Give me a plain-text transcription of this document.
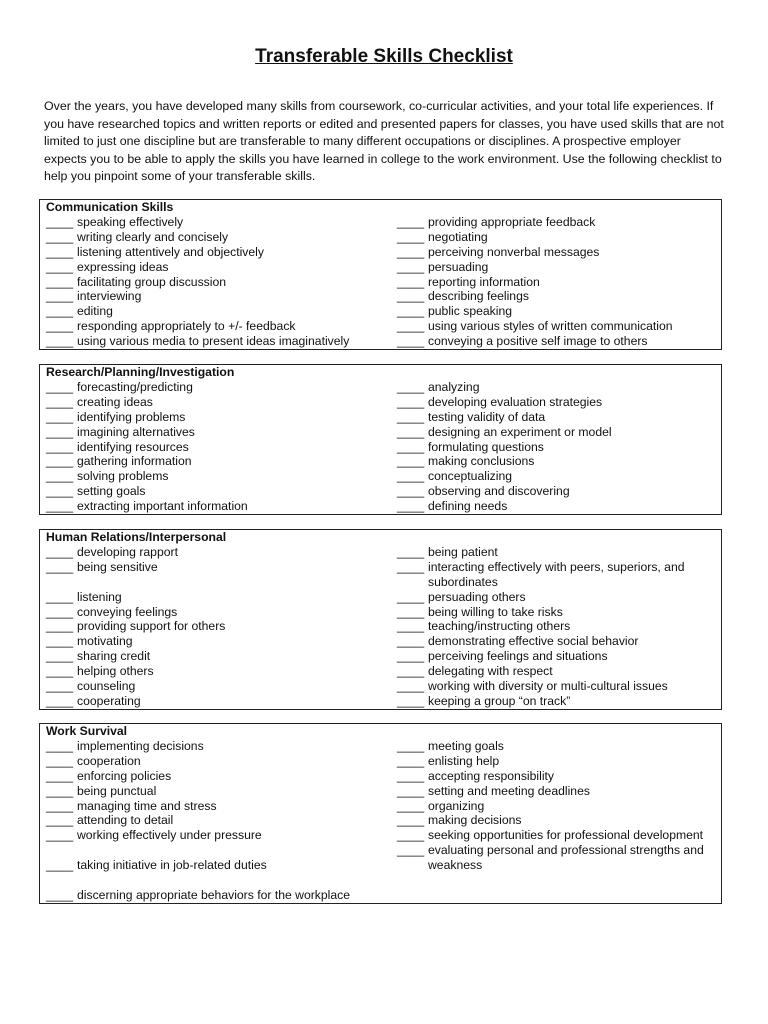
Transferable Skills Checklist

Over the years, you have developed many skills from coursework, co-curricular activities, and your total life experiences. If you have researched topics and written reports or edited and presented papers for classes, you have used skills that are not limited to just one discipline but are transferable to many different occupations or disciplines. A prospective employer expects you to be able to apply the skills you have learned in college to the work environment. Use the following checklist to help you pinpoint some of your transferable skills.

Communication Skills
____ speaking effectively
____ writing clearly and concisely
____ listening attentively and objectively
____ expressing ideas
____ facilitating group discussion
____ interviewing
____ editing
____ responding appropriately to +/- feedback
____ using various media to present ideas imaginatively
____ providing appropriate feedback
____ negotiating
____ perceiving nonverbal messages
____ persuading
____ reporting information
____ describing feelings
____ public speaking
____ using various styles of written communication
____ conveying a positive self image to others
Research/Planning/Investigation
____ forecasting/predicting
____ creating ideas
____ identifying problems
____ imagining alternatives
____ identifying resources
____ gathering information
____ solving problems
____ setting goals
____ extracting important information
____ analyzing
____ developing evaluation strategies
____ testing validity of data
____ designing an experiment or model
____ formulating questions
____ making conclusions
____ conceptualizing
____ observing and discovering
____ defining needs
Human Relations/Interpersonal
____ developing rapport
____ being sensitive
____ listening
____ conveying feelings
____ providing support for others
____ motivating
____ sharing credit
____ helping others
____ counseling
____ cooperating
____ being patient
____ interacting effectively with peers, superiors, and subordinates
____ persuading others
____ being willing to take risks
____ teaching/instructing others
____ demonstrating effective social behavior
____ perceiving feelings and situations
____ delegating with respect
____ working with diversity or multi-cultural issues
____ keeping a group “on track”
Work Survival
____ implementing decisions
____ cooperation
____ enforcing policies
____ being punctual
____ managing time and stress
____ attending to detail
____ working effectively under pressure
____ taking initiative in job-related duties
____ discerning appropriate behaviors for the workplace
____ meeting goals
____ enlisting help
____ accepting responsibility
____ setting and meeting deadlines
____ organizing
____ making decisions
____ seeking opportunities for professional development
____ evaluating personal and professional strengths and weakness
